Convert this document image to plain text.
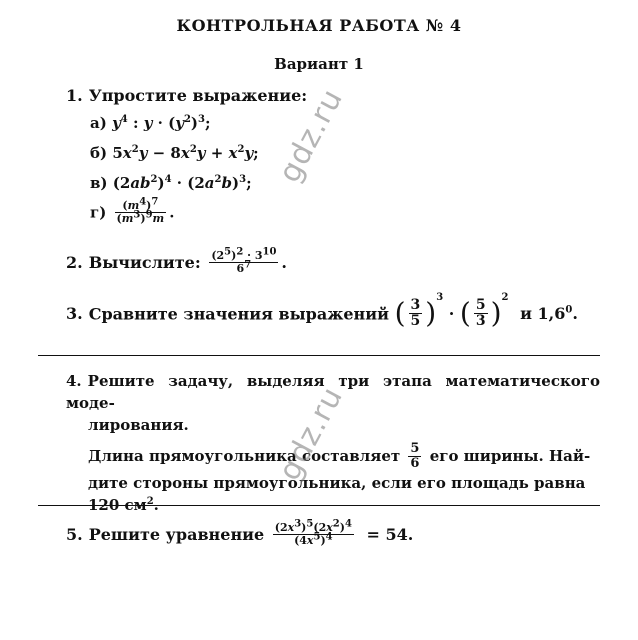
КОНТРОЛЬНАЯ РАБОТА № 4
Вариант 1
1. Упростите выражение:
а) $y^4$ : $y \cdot (y^2)^3$;
б) $5x^2y - 8x^2y + x^2y$;
в) $(2ab^2)^4 \cdot (2a^2b)^3$;
$г) \frac{(m^4)^7}{(m^3)^9m}$ .
2. Вычислите: $\frac{(2^5)^2 \cdot 3^{10}}{6^7}$ .
3. Сравните значения выражений ( $\frac{3}{5} )^3$ · ( $\frac{5}{3} )^2$ и $1,6^0$.
4. Решите задачу, выделяя три этапа математического моде-
лирования.
Длина прямоугольника составляет $\frac{5}{6}$ его ширины. Най-
дите стороны прямоугольника, если его площадь равна
120 $см^2$.
5. Решите уравнение $\frac{(2x^3)^5(2x^2)^4}{(4x^5)^4} = 54$.
gdz.ru
gdz.ru
